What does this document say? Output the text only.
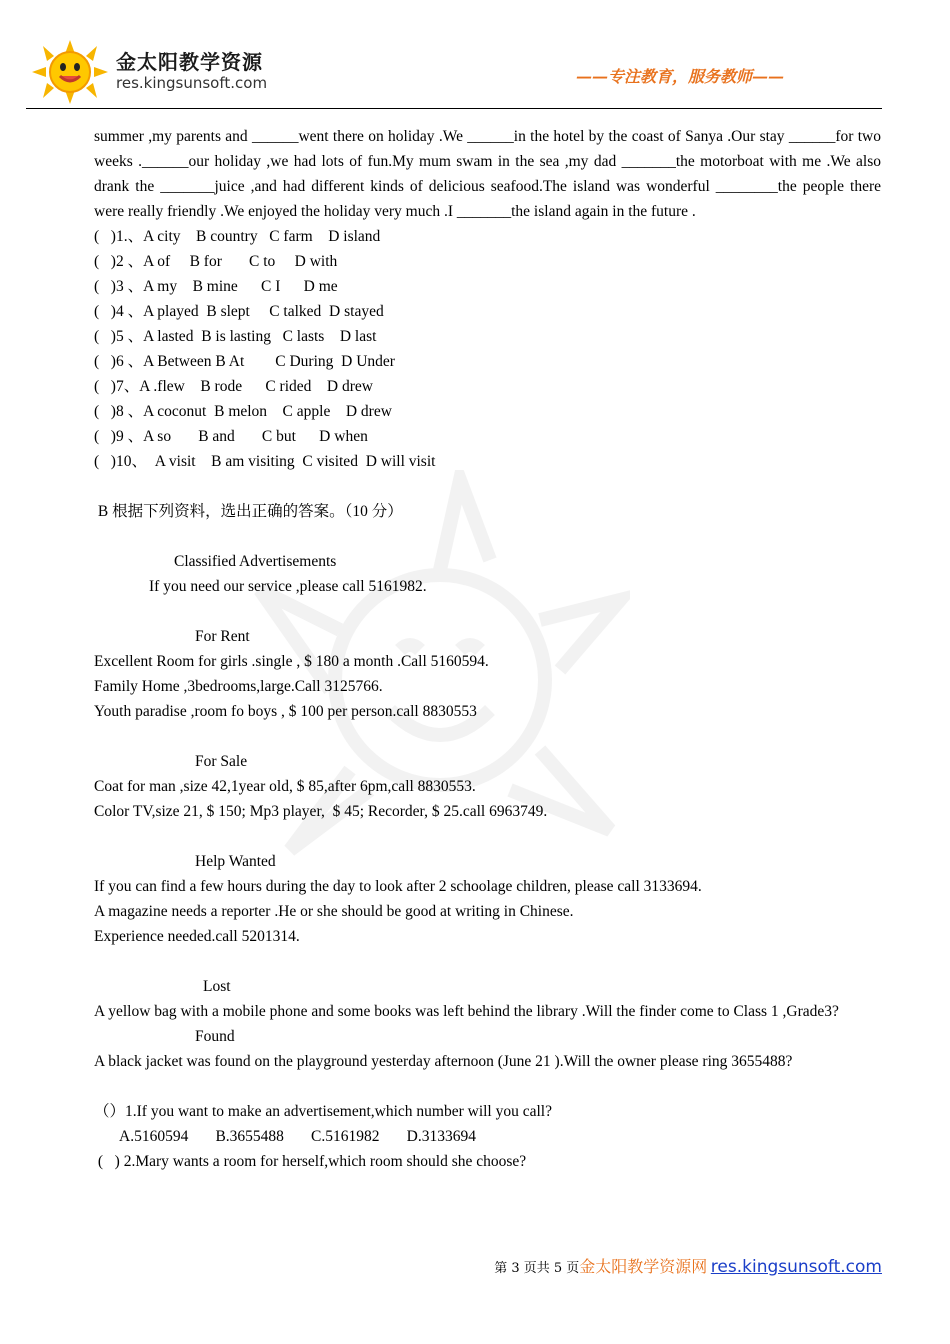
金太阳教学资源
res.kingsunsoft.com	——专注教育，服务教师——

summer ,my parents and ______went there on holiday .We ______in the hotel by the coast of Sanya .Our stay ______for two weeks .______our holiday ,we had lots of fun.My mum swam in the sea ,my dad _______the motorboat with me .We also drank the _______juice ,and had different kinds of delicious seafood.The island was wonderful ________the people there were really friendly .We enjoyed the holiday very much .I _______the island again in the future .

(   )1.、A city    B country   C farm    D island

(   )2 、A of     B for       C to     D with

(   )3 、A my    B mine      C I      D me

(   )4 、A played  B slept     C talked  D stayed

(   )5 、A lasted  B is lasting   C lasts    D last

(   )6 、A Between B At        C During  D Under

(   )7、A .flew    B rode      C rided    D drew

(   )8 、A coconut  B melon    C apple    D drew

(   )9 、A so       B and       C but      D when

(   )10、  A visit    B am visiting  C visited  D will visit

B 根据下列资料，选出正确的答案。（10 分）

Classified Advertisements

If you need our service ,please call 5161982.

For Rent

Excellent Room for girls .single , $ 180 a month .Call 5160594.

Family Home ,3bedrooms,large.Call 3125766.

Youth paradise ,room fo boys , $ 100 per person.call 8830553

For Sale

Coat for man ,size 42,1year old, $ 85,after 6pm,call 8830553.

Color TV,size 21, $ 150; Mp3 player,  $ 45; Recorder, $ 25.call 6963749.

Help Wanted

If you can find a few hours during the day to look after 2 schoolage children, please call 3133694.

A magazine needs a reporter .He or she should be good at writing in Chinese.

Experience needed.call 5201314.

Lost

A yellow bag with a mobile phone and some books was left behind the library .Will the finder come to Class 1 ,Grade3?

Found

A black jacket was found on the playground yesterday afternoon (June 21 ).Will the owner please ring 3655488?

（）1.If you want to make an advertisement,which number will you call?

A.5160594       B.3655488       C.5161982       D.3133694

(   ) 2.Mary wants a room for herself,which room should she choose?

第 3 页共 5 页金太阳教学资源网 res.kingsunsoft.com
